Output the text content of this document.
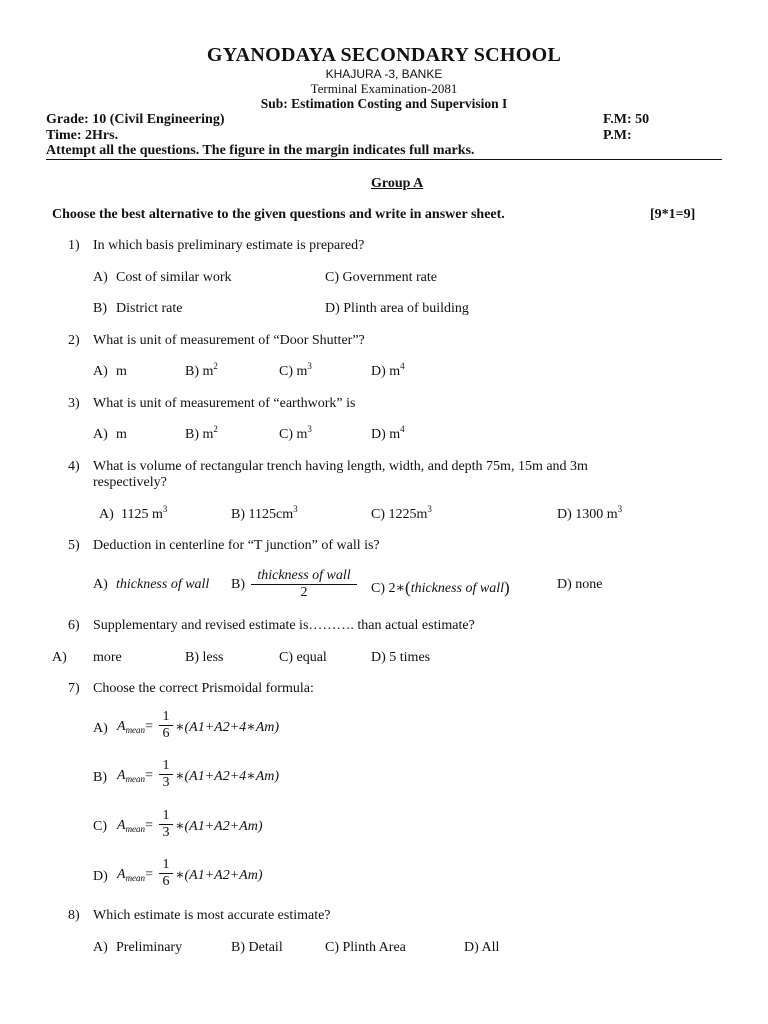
GYANODAYA SECONDARY SCHOOL
KHAJURA -3, BANKE
Terminal Examination-2081
Sub: Estimation Costing and Supervision I
Grade: 10 (Civil Engineering)	F.M: 50
Time: 2Hrs.	P.M:
Attempt all the questions. The figure in the margin indicates full marks.
Group A
Choose the best alternative to the given questions and write in answer sheet.	[9*1=9]
1) In which basis preliminary estimate is prepared?
A) Cost of similar work	C) Government rate
B) District rate	D) Plinth area of building
2) What is unit of measurement of “Door Shutter”?
A) m	B) $m^2$	C) $m^3$	D) $m^4$
3) What is unit of measurement of “earthwork” is
A) m	B) $m^2$	C) $m^3$	D) $m^4$
4) What is volume of rectangular trench having length, width, and depth 75m, 15m and 3m
respectively?
A) 1125 $m^3$	B) $1125cm^3$	C) $1225m^3$	D) 1300 $m^3$
5) Deduction in centerline for “T junction” of wall is?
A) thickness of wall B)
thickness of wall
2	C) 2∗(thickness of wall)	D) none
6) Supplementary and revised estimate is………. than actual estimate?
A) more	B) less	C) equal	D) 5 times
7) Choose the correct Prismoidal formula:
A) $A_{mean}=$
1
6 ∗(A1+A2+4∗Am)
B) $A_{mean}=$
1
3 ∗(A1+A2+4∗Am)
C) $A_{mean}=$
1
3 ∗(A1+A2+Am)
D) $A_{mean}=$
1
6 ∗(A1+A2+Am)
8) Which estimate is most accurate estimate?
A) Preliminary	B) Detail	C) Plinth Area	D) All
